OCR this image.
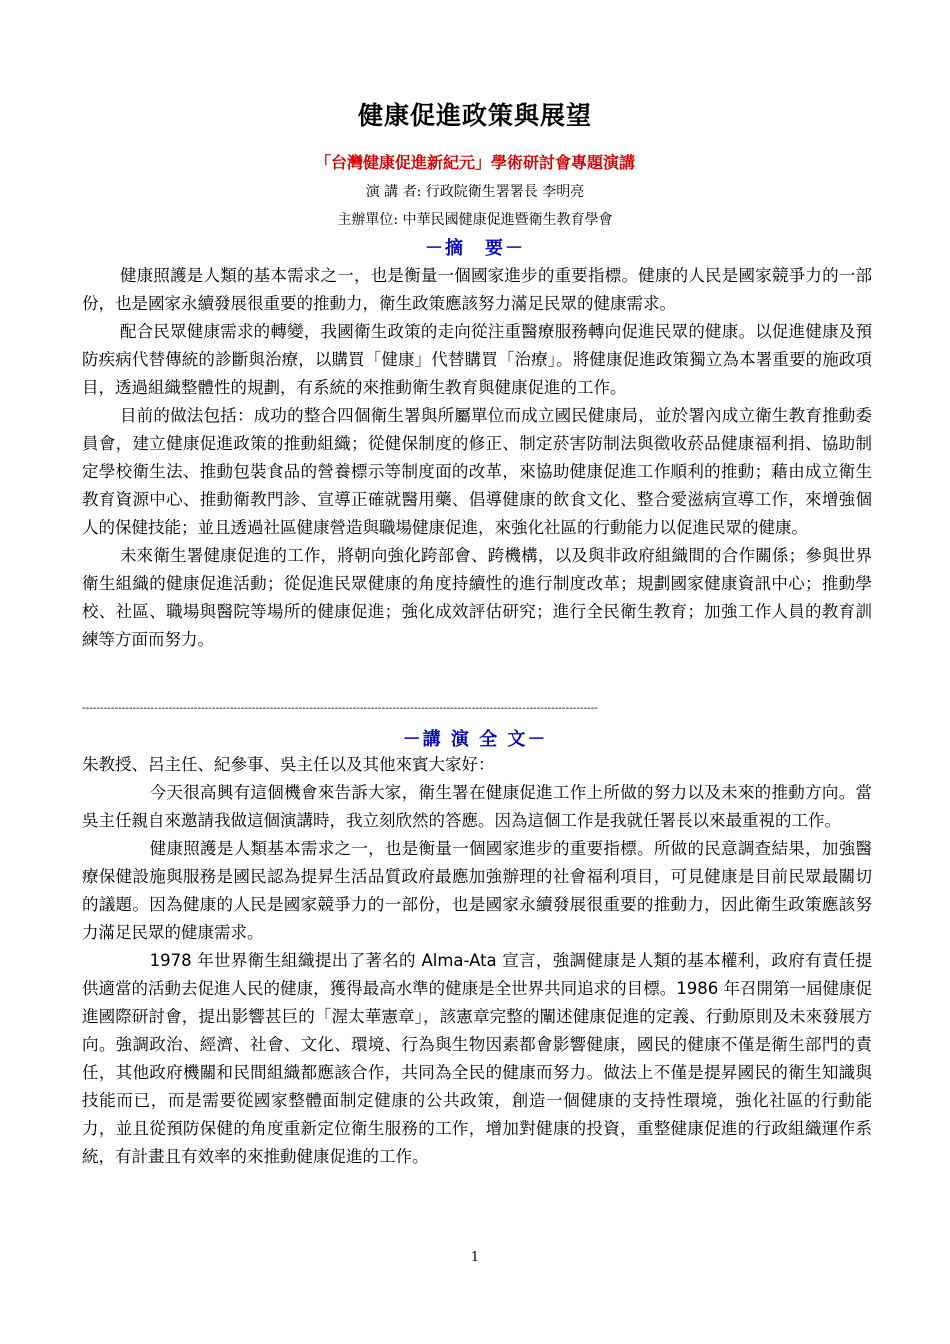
健康促進政策與展望
「台灣健康促進新紀元」學術研討會專題演講
演 講 者: 行政院衛生署署長 李明亮
主辦單位: 中華民國健康促進暨衛生教育學會
－摘　要－

健康照護是人類的基本需求之一，也是衡量一個國家進步的重要指標。健康的人民是國家競爭力的一部份，也是國家永續發展很重要的推動力，衛生政策應該努力滿足民眾的健康需求。

配合民眾健康需求的轉變，我國衛生政策的走向從注重醫療服務轉向促進民眾的健康。以促進健康及預防疾病代替傳統的診斷與治療，以購買「健康」代替購買「治療」。將健康促進政策獨立為本署重要的施政項目，透過組織整體性的規劃，有系統的來推動衛生教育與健康促進的工作。

目前的做法包括：成功的整合四個衛生署與所屬單位而成立國民健康局，並於署內成立衛生教育推動委員會，建立健康促進政策的推動組織；從健保制度的修正、制定菸害防制法與徵收菸品健康福利捐、協助制定學校衛生法、推動包裝食品的營養標示等制度面的改革，來協助健康促進工作順利的推動；藉由成立衛生教育資源中心、推動衛教門診、宣導正確就醫用藥、倡導健康的飲食文化、整合愛滋病宣導工作，來增強個人的保健技能；並且透過社區健康營造與職場健康促進，來強化社區的行動能力以促進民眾的健康。

未來衛生署健康促進的工作，將朝向強化跨部會、跨機構，以及與非政府組織間的合作關係；參與世界衛生組織的健康促進活動；從促進民眾健康的角度持續性的進行制度改革；規劃國家健康資訊中心；推動學校、社區、職場與醫院等場所的健康促進；強化成效評估研究；進行全民衛生教育；加強工作人員的教育訓練等方面而努力。

-----------------------------------------------------------------------------------------------------------------------------------------------
－講 演 全 文－

朱教授、呂主任、紀參事、吳主任以及其他來賓大家好：

今天很高興有這個機會來告訴大家，衛生署在健康促進工作上所做的努力以及未來的推動方向。當吳主任親自來邀請我做這個演講時，我立刻欣然的答應。因為這個工作是我就任署長以來最重視的工作。

健康照護是人類基本需求之一，也是衡量一個國家進步的重要指標。所做的民意調查結果，加強醫療保健設施與服務是國民認為提昇生活品質政府最應加強辦理的社會福利項目，可見健康是目前民眾最關切的議題。因為健康的人民是國家競爭力的一部份，也是國家永續發展很重要的推動力，因此衛生政策應該努力滿足民眾的健康需求。

1978 年世界衛生組織提出了著名的 Alma-Ata 宣言，強調健康是人類的基本權利，政府有責任提供適當的活動去促進人民的健康，獲得最高水準的健康是全世界共同追求的目標。1986 年召開第一屆健康促進國際研討會，提出影響甚巨的「渥太華憲章」，該憲章完整的闡述健康促進的定義、行動原則及未來發展方向。強調政治、經濟、社會、文化、環境、行為與生物因素都會影響健康，國民的健康不僅是衛生部門的責任，其他政府機關和民間組織都應該合作，共同為全民的健康而努力。做法上不僅是提昇國民的衛生知識與技能而已，而是需要從國家整體面制定健康的公共政策，創造一個健康的支持性環境，強化社區的行動能力，並且從預防保健的角度重新定位衛生服務的工作，增加對健康的投資，重整健康促進的行政組織運作系統，有計畫且有效率的來推動健康促進的工作。

1
